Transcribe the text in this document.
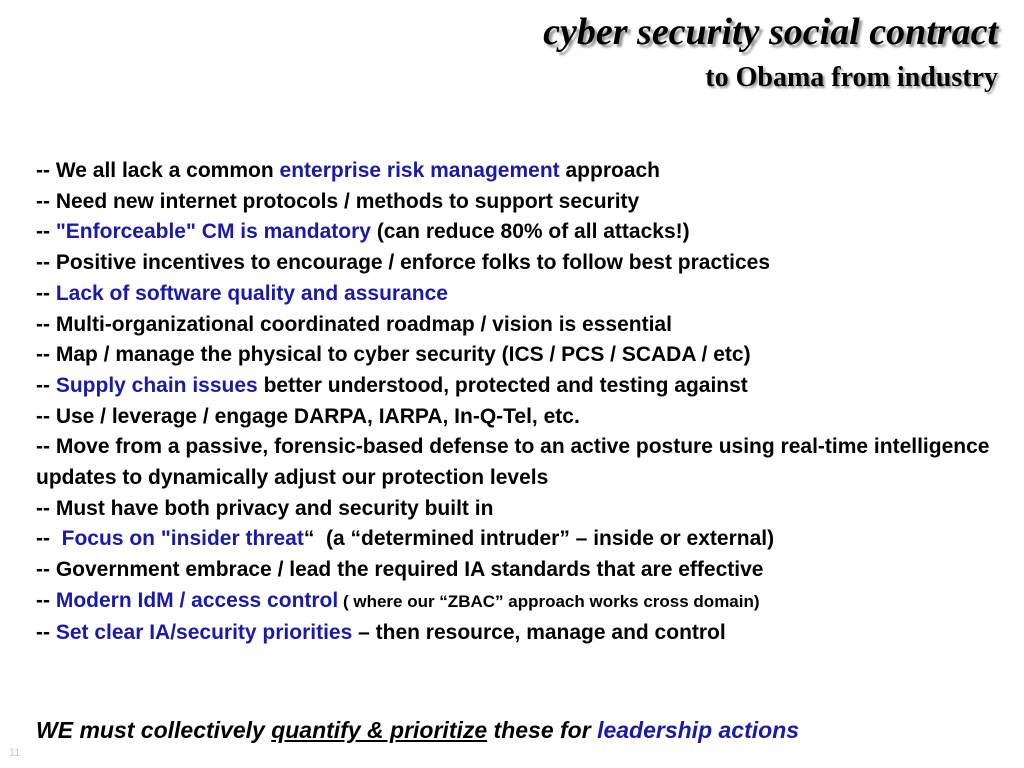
cyber security social contract
to Obama from industry
-- We all lack a common enterprise risk management approach
-- Need new internet protocols / methods to support security
-- "Enforceable" CM is mandatory (can reduce 80% of all attacks!)
-- Positive incentives to encourage / enforce folks to follow best practices
-- Lack of software quality and assurance
-- Multi-organizational coordinated roadmap / vision is essential
-- Map / manage the physical to cyber security (ICS / PCS / SCADA / etc)
-- Supply chain issues better understood, protected and testing against
-- Use / leverage / engage DARPA, IARPA, In-Q-Tel, etc.
-- Move from a passive, forensic-based defense to an active posture using real-time intelligence updates to dynamically adjust our protection levels
-- Must have both privacy and security built in
--  Focus on "insider threat“  (a “determined intruder” – inside or external)
-- Government embrace / lead the required IA standards that are effective
-- Modern IdM / access control ( where our “ZBAC” approach works cross domain)
-- Set clear IA/security priorities – then resource, manage and control

WE must collectively quantify & prioritize these for leadership actions

11
